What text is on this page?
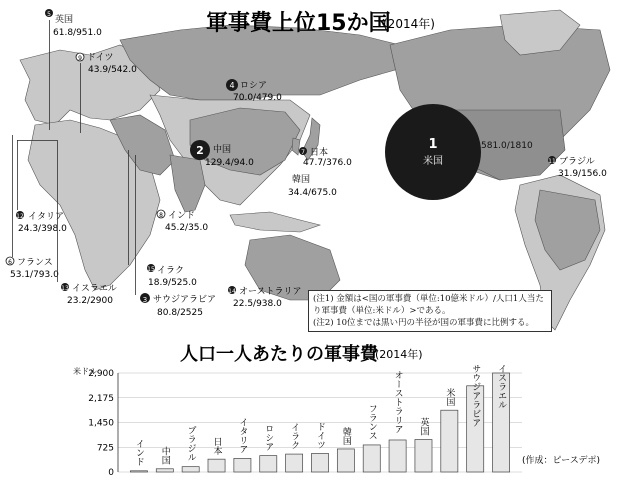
軍事費上位15か国
(2014年)
1
米国
581.0/1810
2 中国
129.4/94.0
4 ロシア
70.0/479.0
7 日本
47.7/376.0
韓国
34.4/675.0
8 インド
45.2/35.0
5
英国
61.8/951.0
9 ドイツ
43.9/542.0
12 イタリア
24.3/398.0
6 フランス
53.1/793.0
13 イスラエル
23.2/2900	3 サウジアラビア
80.8/2525
15 イラク
18.9/525.0
14 オーストラリア
22.5/938.0
11 ブラジル
31.9/156.0
(注1) 金額は<国の軍事費（単位:10億米ドル）/人口1人当たり軍事費（単位:米ドル）>である。
(注2) 10位までは黒い円の半径が国の軍事費に比例する。
人口一人あたりの軍事費
(2014年)
米ドル
2,900
2,175
1,450
725
0
インド 中国 ブラジル 日本 イタリア ロシア イラク ドイツ 韓国 フランス オーストラリア 英国
米国 サウジアラビア イスラエル
(作成：ピースデポ)
